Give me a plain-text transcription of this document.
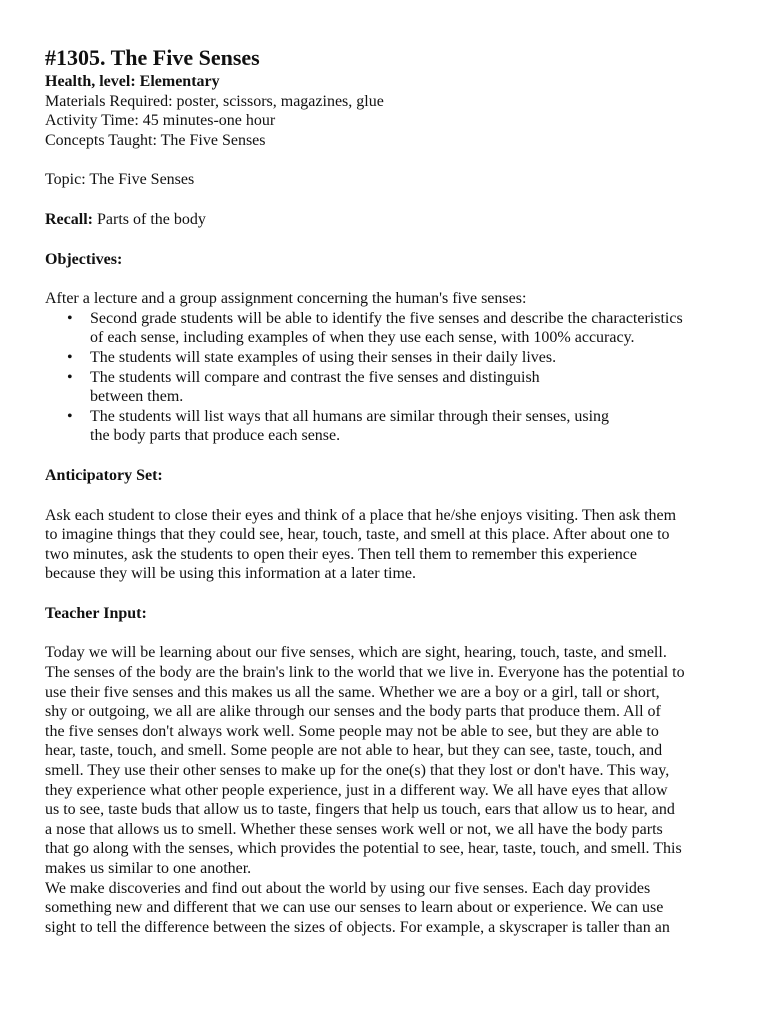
#1305. The Five Senses

Health, level: Elementary

Materials Required: poster, scissors, magazines, glue

Activity Time: 45 minutes-one hour

Concepts Taught: The Five Senses

Topic: The Five Senses

Recall: Parts of the body

Objectives:

After a lecture and a group assignment concerning the human's five senses:

• Second grade students will be able to identify the five senses and describe the characteristics
of each sense, including examples of when they use each sense, with 100% accuracy.
• The students will state examples of using their senses in their daily lives.
• The students will compare and contrast the five senses and distinguish
between them.
• The students will list ways that all humans are similar through their senses, using
the body parts that produce each sense.

Anticipatory Set:

Ask each student to close their eyes and think of a place that he/she enjoys visiting. Then ask them
to imagine things that they could see, hear, touch, taste, and smell at this place. After about one to
two minutes, ask the students to open their eyes. Then tell them to remember this experience
because they will be using this information at a later time.

Teacher Input:

Today we will be learning about our five senses, which are sight, hearing, touch, taste, and smell.
The senses of the body are the brain's link to the world that we live in. Everyone has the potential to
use their five senses and this makes us all the same. Whether we are a boy or a girl, tall or short,
shy or outgoing, we all are alike through our senses and the body parts that produce them. All of
the five senses don't always work well. Some people may not be able to see, but they are able to
hear, taste, touch, and smell. Some people are not able to hear, but they can see, taste, touch, and
smell. They use their other senses to make up for the one(s) that they lost or don't have. This way,
they experience what other people experience, just in a different way. We all have eyes that allow
us to see, taste buds that allow us to taste, fingers that help us touch, ears that allow us to hear, and
a nose that allows us to smell. Whether these senses work well or not, we all have the body parts
that go along with the senses, which provides the potential to see, hear, taste, touch, and smell. This
makes us similar to one another.
We make discoveries and find out about the world by using our five senses. Each day provides
something new and different that we can use our senses to learn about or experience. We can use
sight to tell the difference between the sizes of objects. For example, a skyscraper is taller than an
